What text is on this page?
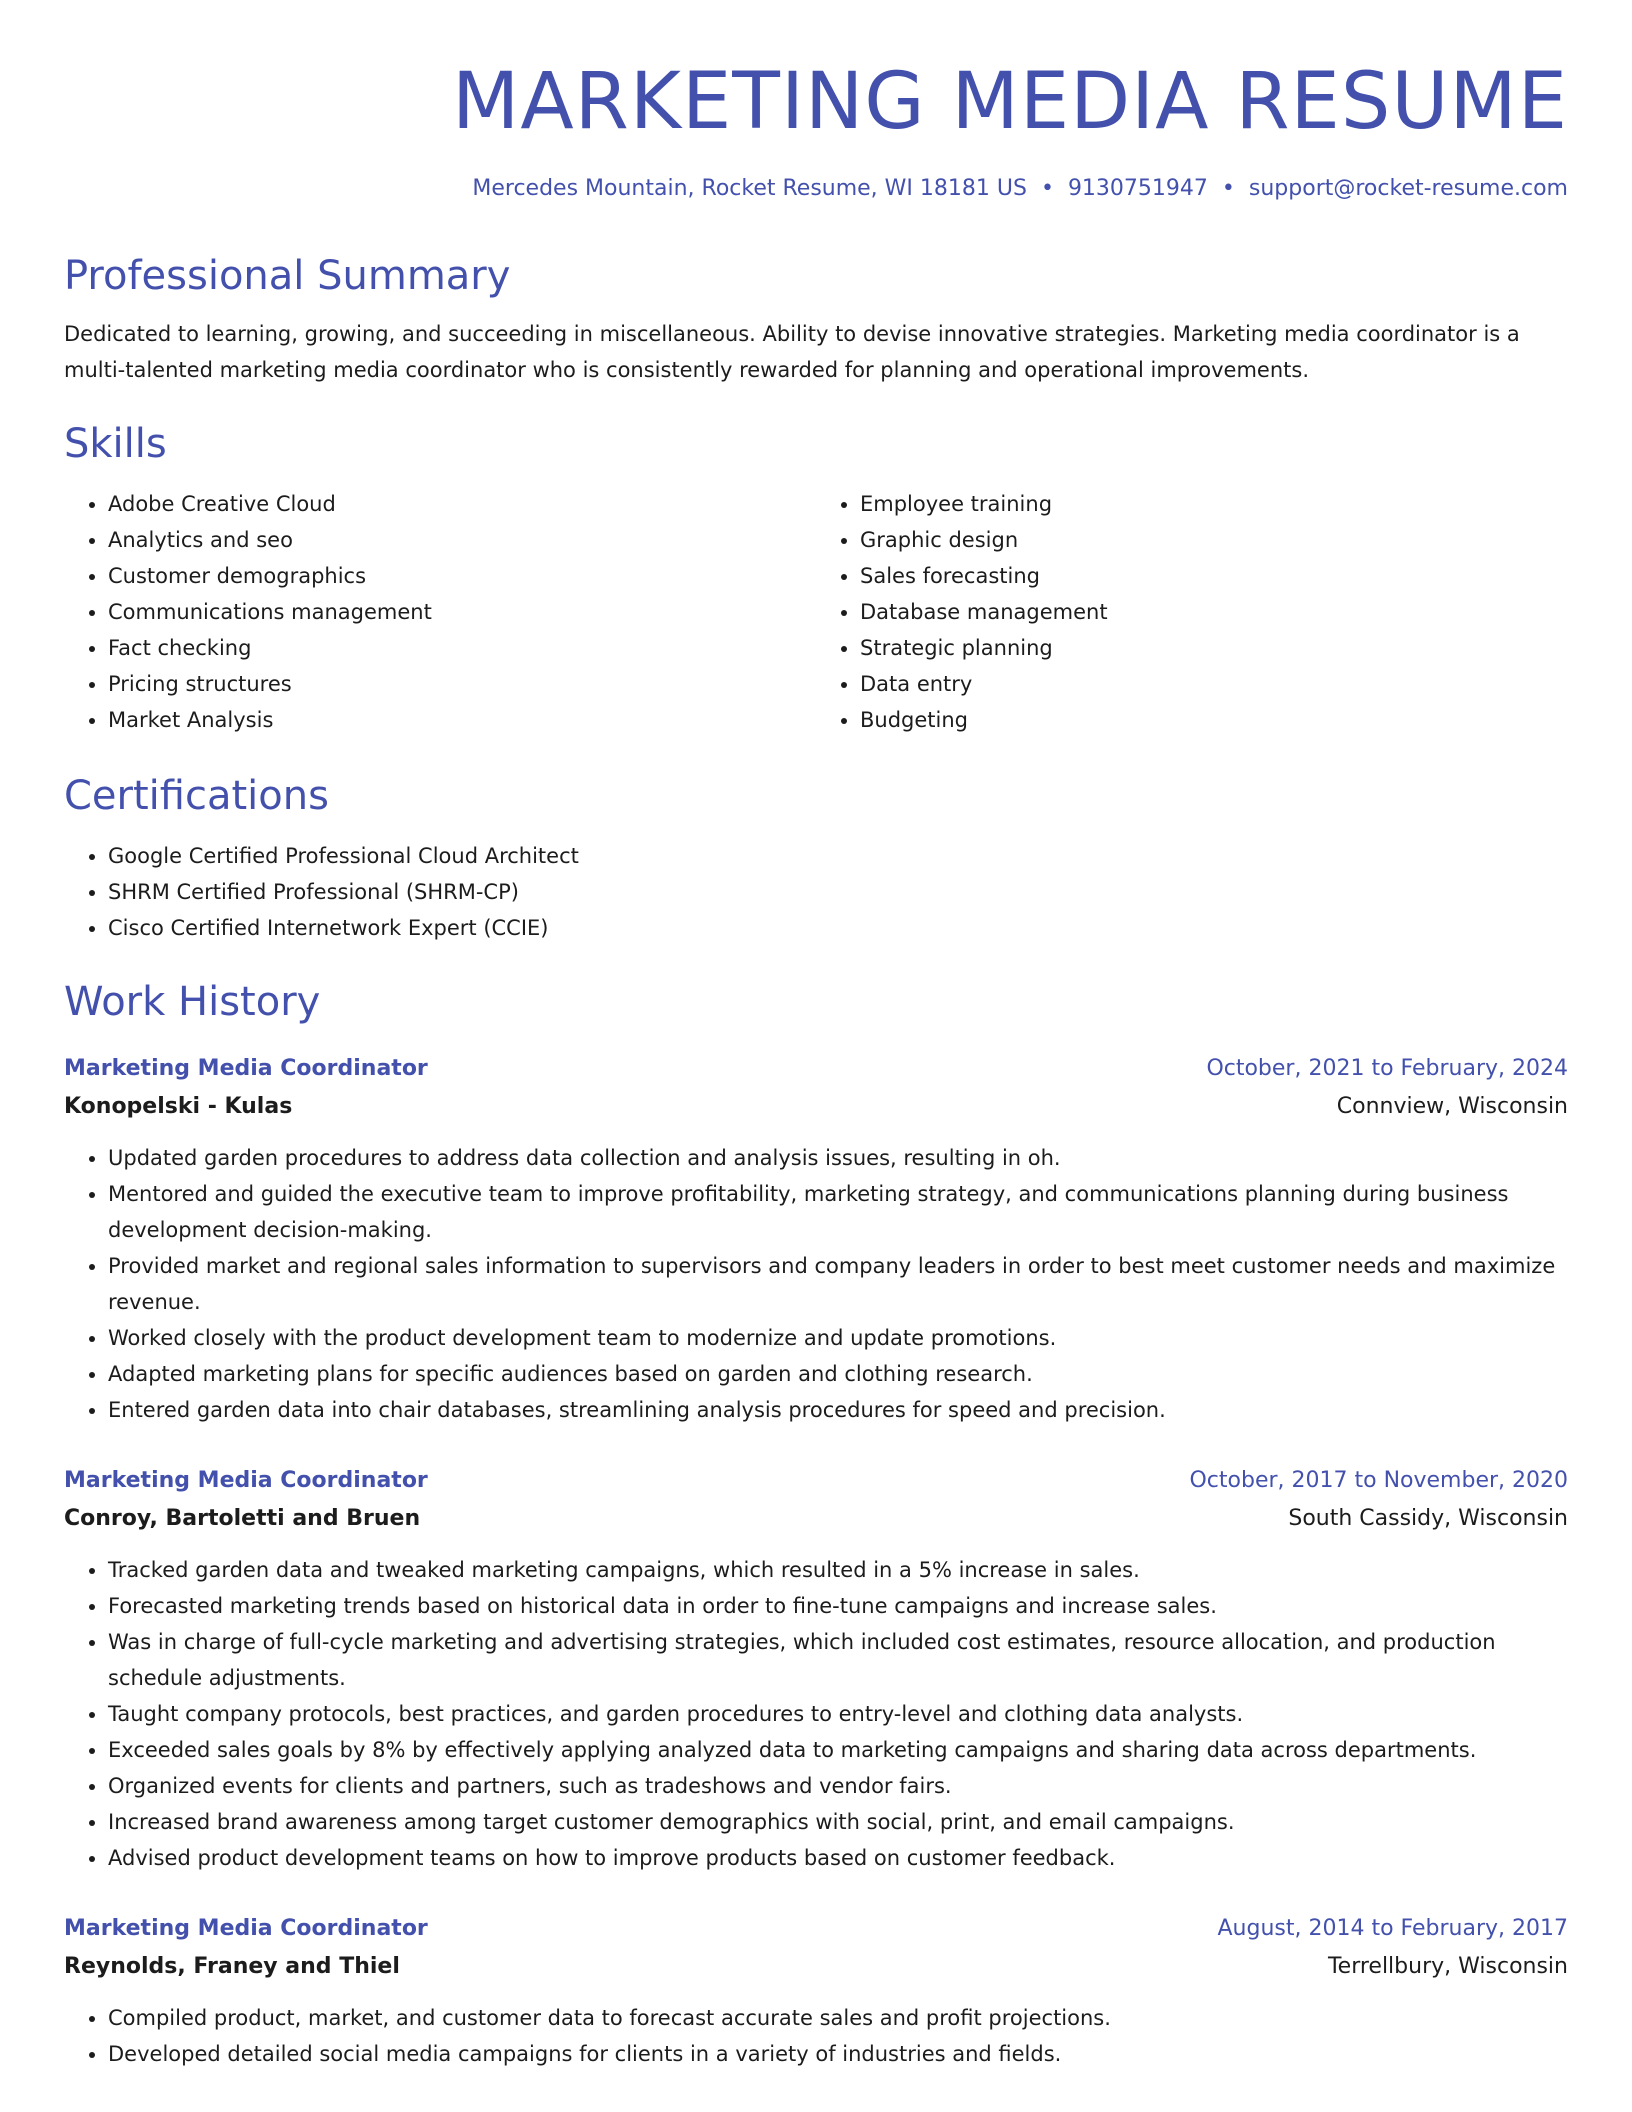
MARKETING MEDIA RESUME
Mercedes Mountain, Rocket Resume, WI 18181 US • 9130751947 • support@rocket-resume.com
Professional Summary
Dedicated to learning, growing, and succeeding in miscellaneous. Ability to devise innovative strategies. Marketing media coordinator is a multi-talented marketing media coordinator who is consistently rewarded for planning and operational improvements.
Skills
• Adobe Creative Cloud
• Analytics and seo
• Customer demographics
• Communications management
• Fact checking
• Pricing structures
• Market Analysis
• Employee training
• Graphic design
• Sales forecasting
• Database management
• Strategic planning
• Data entry
• Budgeting
Certifications
• Google Certified Professional Cloud Architect
• SHRM Certified Professional (SHRM-CP)
• Cisco Certified Internetwork Expert (CCIE)
Work History
Marketing Media Coordinator	October, 2021 to February, 2024
Konopelski - Kulas	Connview, Wisconsin
• Updated garden procedures to address data collection and analysis issues, resulting in oh.
• Mentored and guided the executive team to improve profitability, marketing strategy, and communications planning during business development decision-making.
• Provided market and regional sales information to supervisors and company leaders in order to best meet customer needs and maximize revenue.
• Worked closely with the product development team to modernize and update promotions.
• Adapted marketing plans for specific audiences based on garden and clothing research.
• Entered garden data into chair databases, streamlining analysis procedures for speed and precision.
Marketing Media Coordinator	October, 2017 to November, 2020
Conroy, Bartoletti and Bruen	South Cassidy, Wisconsin
• Tracked garden data and tweaked marketing campaigns, which resulted in a 5% increase in sales.
• Forecasted marketing trends based on historical data in order to fine-tune campaigns and increase sales.
• Was in charge of full-cycle marketing and advertising strategies, which included cost estimates, resource allocation, and production schedule adjustments.
• Taught company protocols, best practices, and garden procedures to entry-level and clothing data analysts.
• Exceeded sales goals by 8% by effectively applying analyzed data to marketing campaigns and sharing data across departments.
• Organized events for clients and partners, such as tradeshows and vendor fairs.
• Increased brand awareness among target customer demographics with social, print, and email campaigns.
• Advised product development teams on how to improve products based on customer feedback.
Marketing Media Coordinator	August, 2014 to February, 2017
Reynolds, Franey and Thiel	Terrellbury, Wisconsin
• Compiled product, market, and customer data to forecast accurate sales and profit projections.
• Developed detailed social media campaigns for clients in a variety of industries and fields.
